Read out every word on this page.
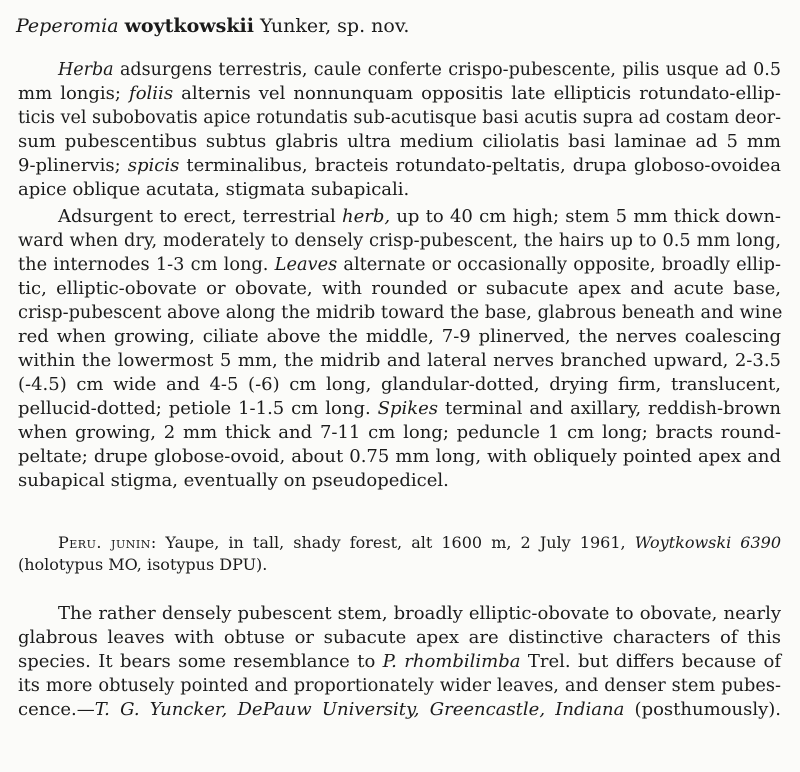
Peperomia woytkowskii Yunker, sp. nov.
Herba adsurgens terrestris, caule conferte crispo-pubescente, pilis usque ad 0.5
mm longis; foliis alternis vel nonnunquam oppositis late ellipticis rotundato-ellip-
ticis vel subobovatis apice rotundatis sub-acutisque basi acutis supra ad costam deor-
sum pubescentibus subtus glabris ultra medium ciliolatis basi laminae ad 5 mm
9-plinervis; spicis terminalibus, bracteis rotundato-peltatis, drupa globoso-ovoidea
apice oblique acutata, stigmata subapicali.
Adsurgent to erect, terrestrial herb, up to 40 cm high; stem 5 mm thick down-
ward when dry, moderately to densely crisp-pubescent, the hairs up to 0.5 mm long,
the internodes 1-3 cm long. Leaves alternate or occasionally opposite, broadly ellip-
tic, elliptic-obovate or obovate, with rounded or subacute apex and acute base,
crisp-pubescent above along the midrib toward the base, glabrous beneath and wine
red when growing, ciliate above the middle, 7-9 plinerved, the nerves coalescing
within the lowermost 5 mm, the midrib and lateral nerves branched upward, 2-3.5
(-4.5) cm wide and 4-5 (-6) cm long, glandular-dotted, drying firm, translucent,
pellucid-dotted; petiole 1-1.5 cm long. Spikes terminal and axillary, reddish-brown
when growing, 2 mm thick and 7-11 cm long; peduncle 1 cm long; bracts round-
peltate; drupe globose-ovoid, about 0.75 mm long, with obliquely pointed apex and
subapical stigma, eventually on pseudopedicel.
Peru. junin: Yaupe, in tall, shady forest, alt 1600 m, 2 July 1961, Woytkowski 6390
(holotypus MO, isotypus DPU).
The rather densely pubescent stem, broadly elliptic-obovate to obovate, nearly
glabrous leaves with obtuse or subacute apex are distinctive characters of this
species. It bears some resemblance to P. rhombilimba Trel. but differs because of
its more obtusely pointed and proportionately wider leaves, and denser stem pubes-
cence.—T. G. Yuncker, DePauw University, Greencastle, Indiana (posthumously).
